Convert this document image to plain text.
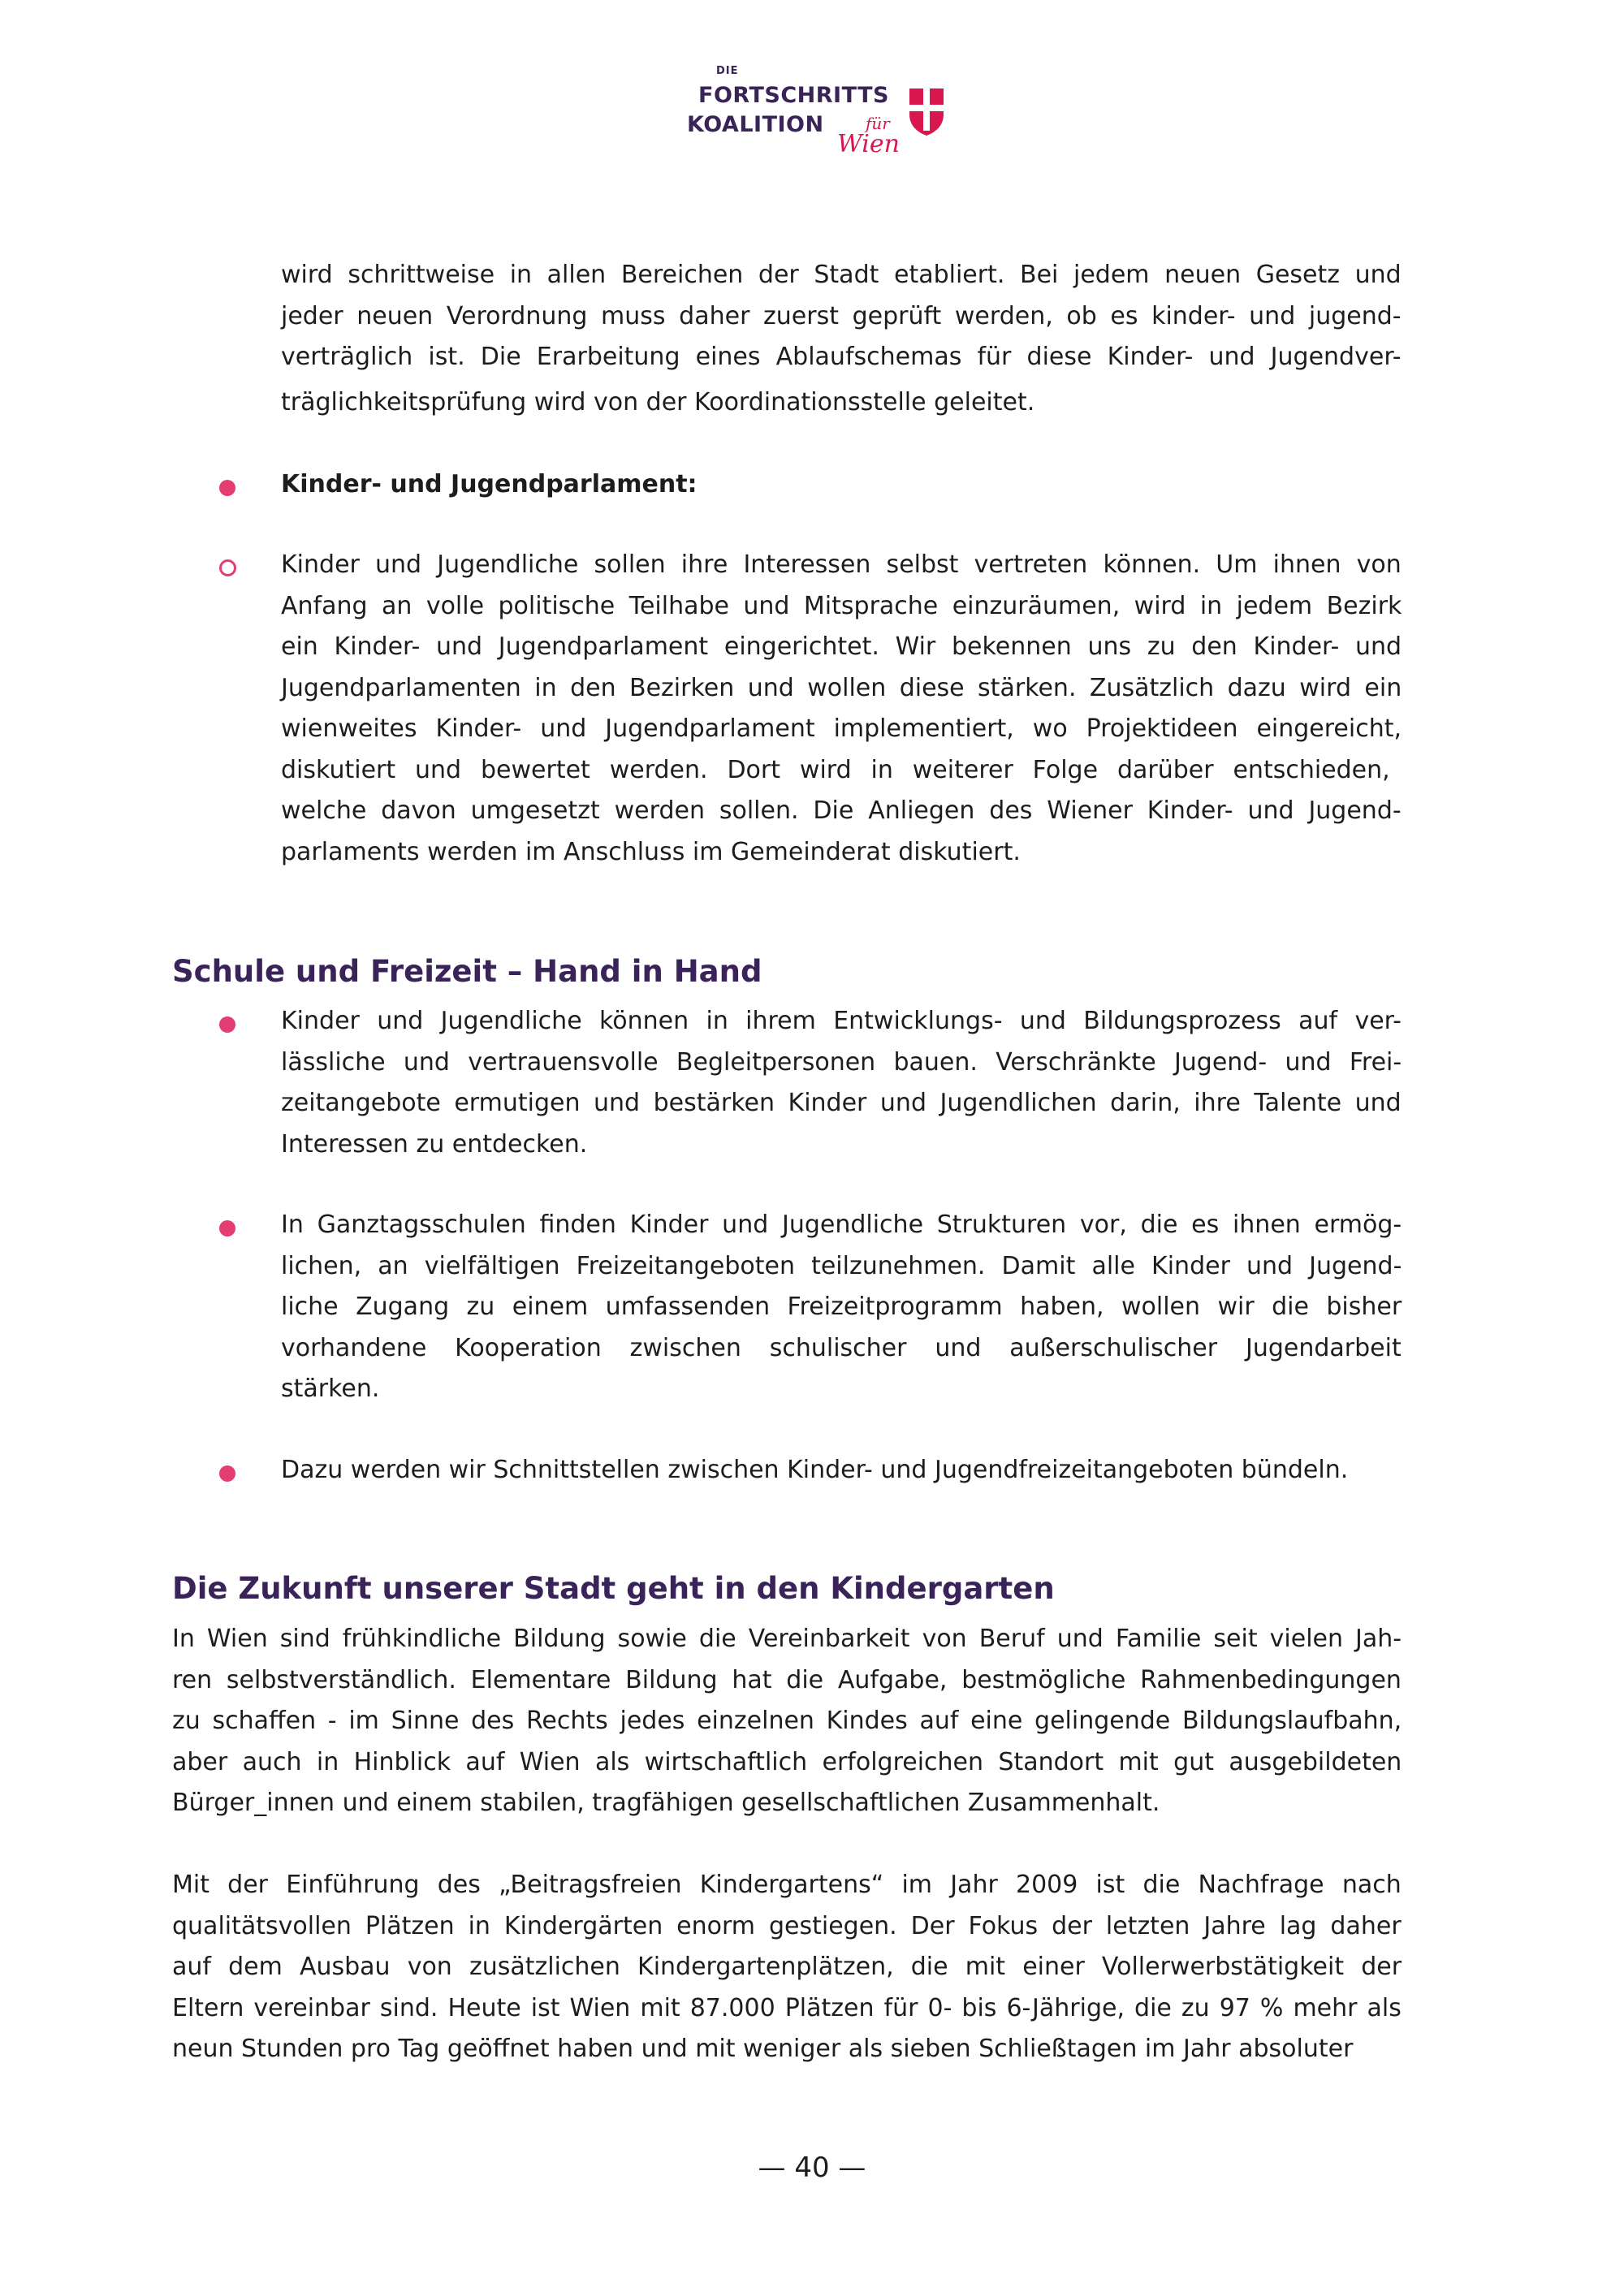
DIE
FORTSCHRITTS
KOALITION	für
Wien
wird schrittweise in allen Bereichen der Stadt etabliert. Bei jedem neuen Gesetz und
jeder neuen Verordnung muss daher zuerst geprüft werden, ob es kinder- und jugend-
verträglich ist. Die Erarbeitung eines Ablaufschemas für diese Kinder- und Jugendver-
träglichkeitsprüfung wird von der Koordinationsstelle geleitet.
Kinder- und Jugendparlament:
Kinder und Jugendliche sollen ihre Interessen selbst vertreten können. Um ihnen von
Anfang an volle politische Teilhabe und Mitsprache einzuräumen, wird in jedem Bezirk
ein Kinder- und Jugendparlament eingerichtet. Wir bekennen uns zu den Kinder- und
Jugendparlamenten in den Bezirken und wollen diese stärken. Zusätzlich dazu wird ein
wienweites Kinder- und Jugendparlament implementiert, wo Projektideen eingereicht,
diskutiert und bewertet werden. Dort wird in weiterer Folge darüber entschieden,
welche davon umgesetzt werden sollen. Die Anliegen des Wiener Kinder- und Jugend-
parlaments werden im Anschluss im Gemeinderat diskutiert.
Schule und Freizeit – Hand in Hand
Kinder und Jugendliche können in ihrem Entwicklungs- und Bildungsprozess auf ver-
lässliche und vertrauensvolle Begleitpersonen bauen. Verschränkte Jugend- und Frei-
zeitangebote ermutigen und bestärken Kinder und Jugendlichen darin, ihre Talente und
Interessen zu entdecken.
In Ganztagsschulen finden Kinder und Jugendliche Strukturen vor, die es ihnen ermög-
lichen, an vielfältigen Freizeitangeboten teilzunehmen. Damit alle Kinder und Jugend-
liche Zugang zu einem umfassenden Freizeitprogramm haben, wollen wir die bisher
vorhandene Kooperation zwischen schulischer und außerschulischer Jugendarbeit
stärken.
Dazu werden wir Schnittstellen zwischen Kinder- und Jugendfreizeitangeboten bündeln.
Die Zukunft unserer Stadt geht in den Kindergarten
In Wien sind frühkindliche Bildung sowie die Vereinbarkeit von Beruf und Familie seit vielen Jah-
ren selbstverständlich. Elementare Bildung hat die Aufgabe, bestmögliche Rahmenbedingungen
zu schaffen - im Sinne des Rechts jedes einzelnen Kindes auf eine gelingende Bildungslaufbahn,
aber auch in Hinblick auf Wien als wirtschaftlich erfolgreichen Standort mit gut ausgebildeten
Bürger_innen und einem stabilen, tragfähigen gesellschaftlichen Zusammenhalt.
Mit der Einführung des „Beitragsfreien Kindergartens“ im Jahr 2009 ist die Nachfrage nach
qualitätsvollen Plätzen in Kindergärten enorm gestiegen. Der Fokus der letzten Jahre lag daher
auf dem Ausbau von zusätzlichen Kindergartenplätzen, die mit einer Vollerwerbstätigkeit der
Eltern vereinbar sind. Heute ist Wien mit 87.000 Plätzen für 0- bis 6-Jährige, die zu 97 % mehr als
neun Stunden pro Tag geöffnet haben und mit weniger als sieben Schließtagen im Jahr absoluter
— 40 —
